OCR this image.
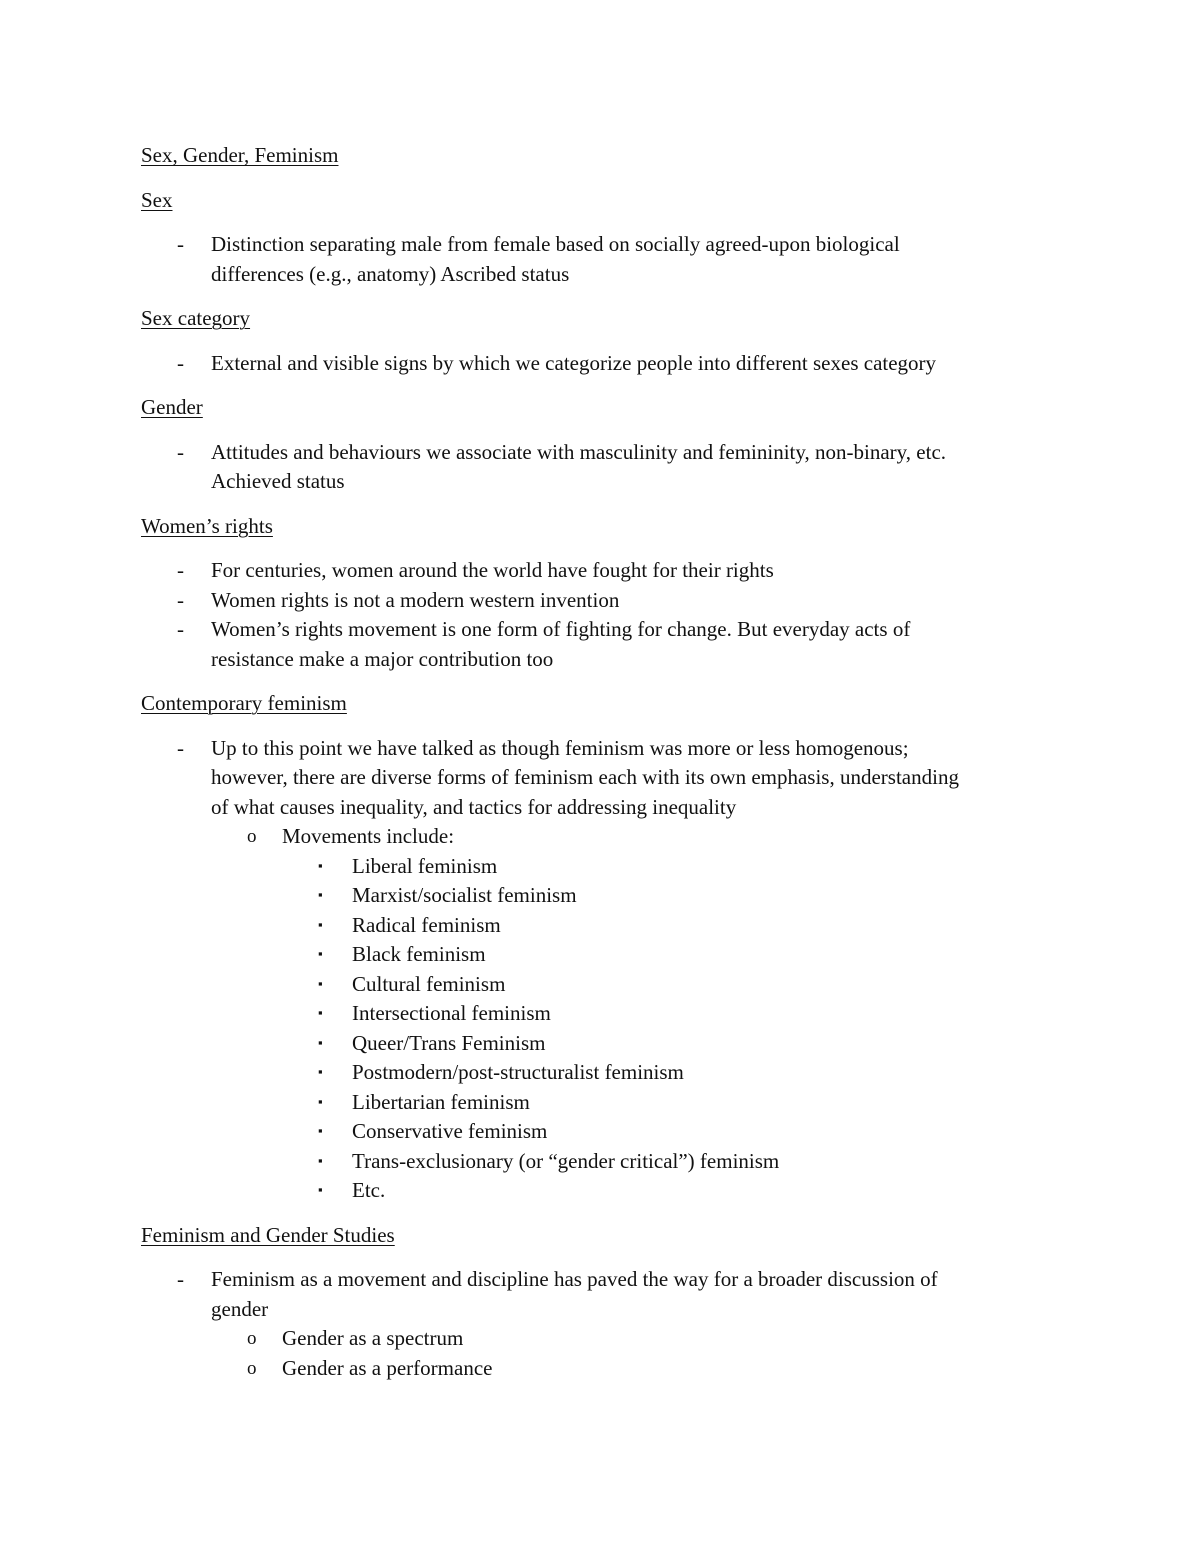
Sex, Gender, Feminism
Sex
-	Distinction separating male from female based on socially agreed-upon biological
differences (e.g., anatomy) Ascribed status
Sex category
-	External and visible signs by which we categorize people into different sexes category
Gender
-	Attitudes and behaviours we associate with masculinity and femininity, non-binary, etc.
Achieved status
Women’s rights
-	For centuries, women around the world have fought for their rights
-	Women rights is not a modern western invention
-	Women’s rights movement is one form of fighting for change. But everyday acts of
resistance make a major contribution too
Contemporary feminism
-	Up to this point we have talked as though feminism was more or less homogenous;
however, there are diverse forms of feminism each with its own emphasis, understanding
of what causes inequality, and tactics for addressing inequality
o	Movements include:
▪	Liberal feminism
▪	Marxist/socialist feminism
▪	Radical feminism
▪	Black feminism
▪	Cultural feminism
▪	Intersectional feminism
▪	Queer/Trans Feminism
▪	Postmodern/post-structuralist feminism
▪	Libertarian feminism
▪	Conservative feminism
▪	Trans-exclusionary (or “gender critical”) feminism
▪	Etc.
Feminism and Gender Studies
-	Feminism as a movement and discipline has paved the way for a broader discussion of
gender
o	Gender as a spectrum
o	Gender as a performance
